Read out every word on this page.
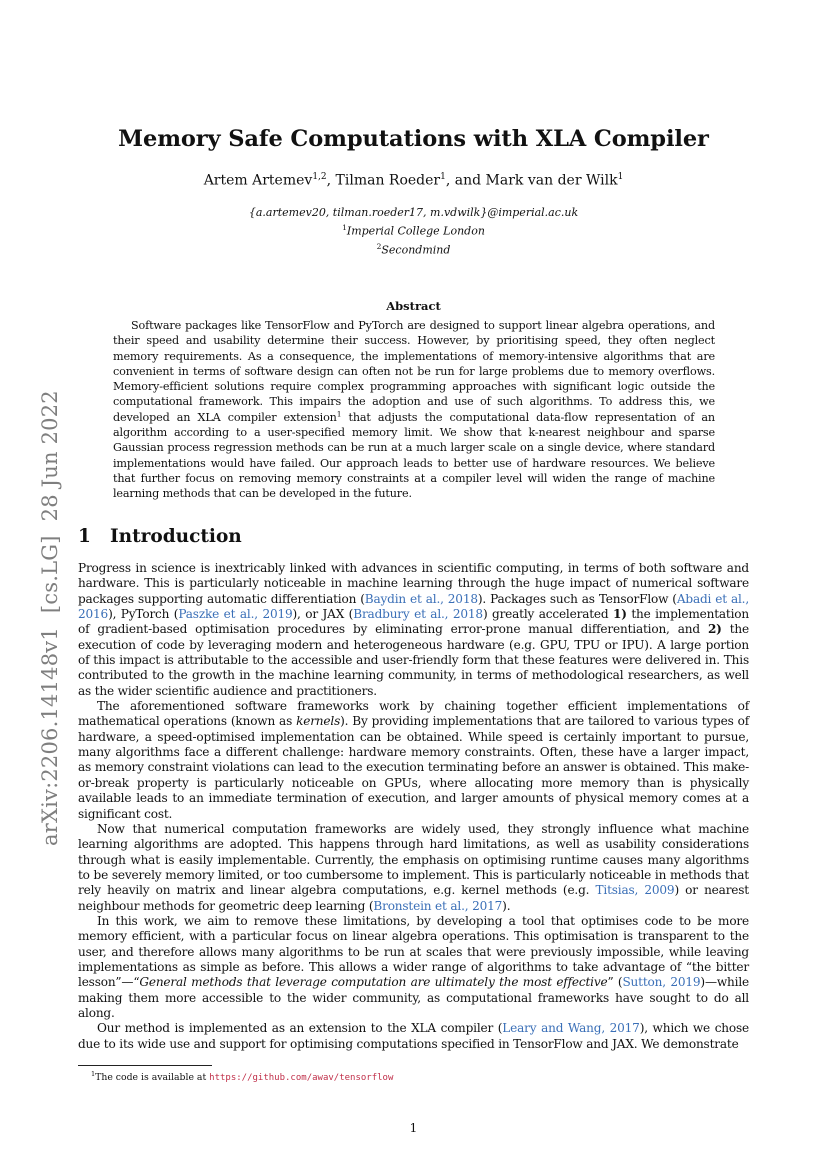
arXiv:2206.14148v1[cs.LG]28 Jun 2022
Memory Safe Computations with XLA Compiler
Artem Artemev$^{1,2}$, Tilman Roeder$^1$, and Mark van der Wilk$^1$
{a.artemev20, tilman.roeder17, m.vdwilk}@imperial.ac.uk
$^1$Imperial College London
$^2$Secondmind
Abstract

Software packages like TensorFlow and PyTorch are designed to support linear algebra operations, and their speed and usability determine their success. However, by prioritising speed, they often neglect memory requirements. As a consequence, the implementations of memory-intensive algorithms that are convenient in terms of software design can often not be run for large problems due to memory overflows. Memory-efficient solutions require complex programming approaches with significant logic outside the computational framework. This impairs the adoption and use of such algorithms. To address this, we developed an XLA compiler extension$^1$ that adjusts the computational data-flow representation of an algorithm according to a user-specified memory limit. We show that k-nearest neighbour and sparse Gaussian process regression methods can be run at a much larger scale on a single device, where standard implementations would have failed. Our approach leads to better use of hardware resources. We believe that further focus on removing memory constraints at a compiler level will widen the range of machine learning methods that can be developed in the future.

1 Introduction

Progress in science is inextricably linked with advances in scientific computing, in terms of both software and hardware. This is particularly noticeable in machine learning through the huge impact of numerical software packages supporting automatic differentiation (Baydin et al., 2018). Packages such as TensorFlow (Abadi et al., 2016), PyTorch (Paszke et al., 2019), or JAX (Bradbury et al., 2018) greatly accelerated 1) the implementation of gradient-based optimisation procedures by eliminating error-prone manual differentiation, and 2) the execution of code by leveraging modern and heterogeneous hardware (e.g. GPU, TPU or IPU). A large portion of this impact is attributable to the accessible and user-friendly form that these features were delivered in. This contributed to the growth in the machine learning community, in terms of methodological researchers, as well as the wider scientific audience and practitioners.

The aforementioned software frameworks work by chaining together efficient implementations of mathematical operations (known as kernels). By providing implementations that are tailored to various types of hardware, a speed-optimised implementation can be obtained. While speed is certainly important to pursue, many algorithms face a different challenge: hardware memory constraints. Often, these have a larger impact, as memory constraint violations can lead to the execution terminating before an answer is obtained. This make-or-break property is particularly noticeable on GPUs, where allocating more memory than is physically available leads to an immediate termination of execution, and larger amounts of physical memory comes at a significant cost.

Now that numerical computation frameworks are widely used, they strongly influence what machine learning algorithms are adopted. This happens through hard limitations, as well as usability considerations through what is easily implementable. Currently, the emphasis on optimising runtime causes many algorithms to be severely memory limited, or too cumbersome to implement. This is particularly noticeable in methods that rely heavily on matrix and linear algebra computations, e.g. kernel methods (e.g. Titsias, 2009) or nearest neighbour methods for geometric deep learning (Bronstein et al., 2017).

In this work, we aim to remove these limitations, by developing a tool that optimises code to be more memory efficient, with a particular focus on linear algebra operations. This optimisation is transparent to the user, and therefore allows many algorithms to be run at scales that were previously impossible, while leaving implementations as simple as before. This allows a wider range of algorithms to take advantage of “the bitter lesson”—“General methods that leverage computation are ultimately the most effective” (Sutton, 2019)—while making them more accessible to the wider community, as computational frameworks have sought to do all along.

Our method is implemented as an extension to the XLA compiler (Leary and Wang, 2017), which we chose due to its wide use and support for optimising computations specified in TensorFlow and JAX. We demonstrate

$^1$The code is available at https://github.com/awav/tensorflow
1
